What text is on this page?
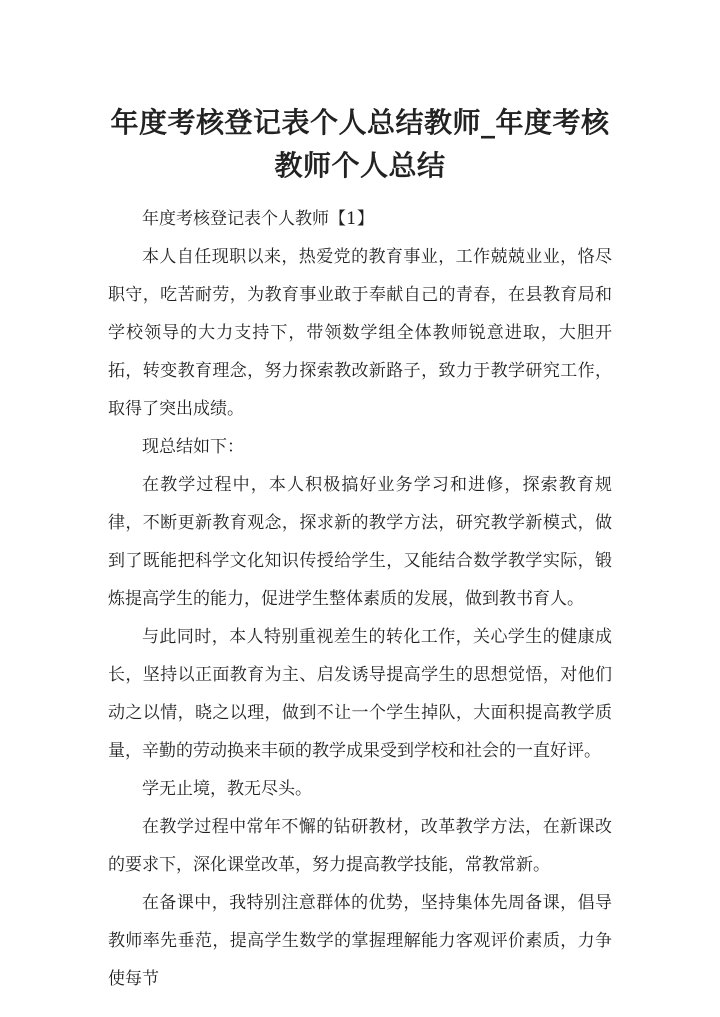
年度考核登记表个人总结教师_年度考核教师个人总结

年度考核登记表个人教师【1】

本人自任现职以来，热爱党的教育事业，工作兢兢业业，恪尽职守，吃苦耐劳，为教育事业敢于奉献自己的青春，在县教育局和学校领导的大力支持下，带领数学组全体教师锐意进取，大胆开拓，转变教育理念，努力探索教改新路子，致力于教学研究工作，取得了突出成绩。

现总结如下：

在教学过程中，本人积极搞好业务学习和进修，探索教育规律，不断更新教育观念，探求新的教学方法，研究教学新模式，做到了既能把科学文化知识传授给学生，又能结合数学教学实际，锻炼提高学生的能力，促进学生整体素质的发展，做到教书育人。

与此同时，本人特别重视差生的转化工作，关心学生的健康成长，坚持以正面教育为主、启发诱导提高学生的思想觉悟，对他们动之以情，晓之以理，做到不让一个学生掉队，大面积提高教学质量，辛勤的劳动换来丰硕的教学成果受到学校和社会的一直好评。

学无止境，教无尽头。

在教学过程中常年不懈的钻研教材，改革教学方法，在新课改的要求下，深化课堂改革，努力提高教学技能，常教常新。

在备课中，我特别注意群体的优势，坚持集体先周备课，倡导教师率先垂范，提高学生数学的掌握理解能力客观评价素质，力争使每节
